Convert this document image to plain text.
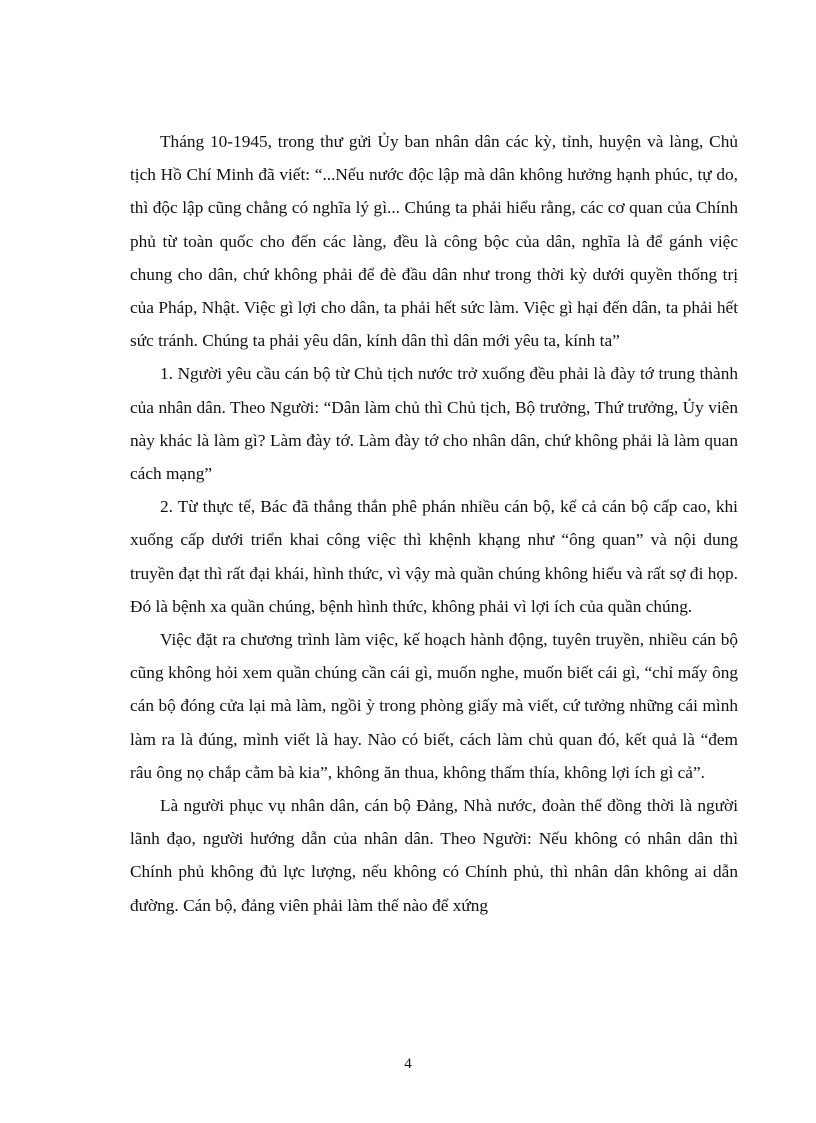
Tháng 10-1945, trong thư gửi Ủy ban nhân dân các kỳ, tỉnh, huyện và làng, Chủ tịch Hồ Chí Minh đã viết: “...Nếu nước độc lập mà dân không hưởng hạnh phúc, tự do, thì độc lập cũng chẳng có nghĩa lý gì... Chúng ta phải hiểu rằng, các cơ quan của Chính phủ từ toàn quốc cho đến các làng, đều là công bộc của dân, nghĩa là để gánh việc chung cho dân, chứ không phải để đè đầu dân như trong thời kỳ dưới quyền thống trị của Pháp, Nhật. Việc gì lợi cho dân, ta phải hết sức làm. Việc gì hại đến dân, ta phải hết sức tránh. Chúng ta phải yêu dân, kính dân thì dân mới yêu ta, kính ta”

1. Người yêu cầu cán bộ từ Chủ tịch nước trở xuống đều phải là đày tớ trung thành của nhân dân. Theo Người: “Dân làm chủ thì Chủ tịch, Bộ trưởng, Thứ trưởng, Ủy viên này khác là làm gì? Làm đày tớ. Làm đày tớ cho nhân dân, chứ không phải là làm quan cách mạng”

2. Từ thực tế, Bác đã thẳng thắn phê phán nhiều cán bộ, kể cả cán bộ cấp cao, khi xuống cấp dưới triển khai công việc thì khệnh khạng như “ông quan” và nội dung truyền đạt thì rất đại khái, hình thức, vì vậy mà quần chúng không hiểu và rất sợ đi họp. Đó là bệnh xa quần chúng, bệnh hình thức, không phải vì lợi ích của quần chúng.

Việc đặt ra chương trình làm việc, kế hoạch hành động, tuyên truyền, nhiều cán bộ cũng không hỏi xem quần chúng cần cái gì, muốn nghe, muốn biết cái gì, “chỉ mấy ông cán bộ đóng cửa lại mà làm, ngồi ỳ trong phòng giấy mà viết, cứ tưởng những cái mình làm ra là đúng, mình viết là hay. Nào có biết, cách làm chủ quan đó, kết quả là “đem râu ông nọ chắp cằm bà kia”, không ăn thua, không thấm thía, không lợi ích gì cả”.

Là người phục vụ nhân dân, cán bộ Đảng, Nhà nước, đoàn thể đồng thời là người lãnh đạo, người hướng dẫn của nhân dân. Theo Người: Nếu không có nhân dân thì Chính phủ không đủ lực lượng, nếu không có Chính phủ, thì nhân dân không ai dẫn đường. Cán bộ, đảng viên phải làm thế nào để xứng

4
